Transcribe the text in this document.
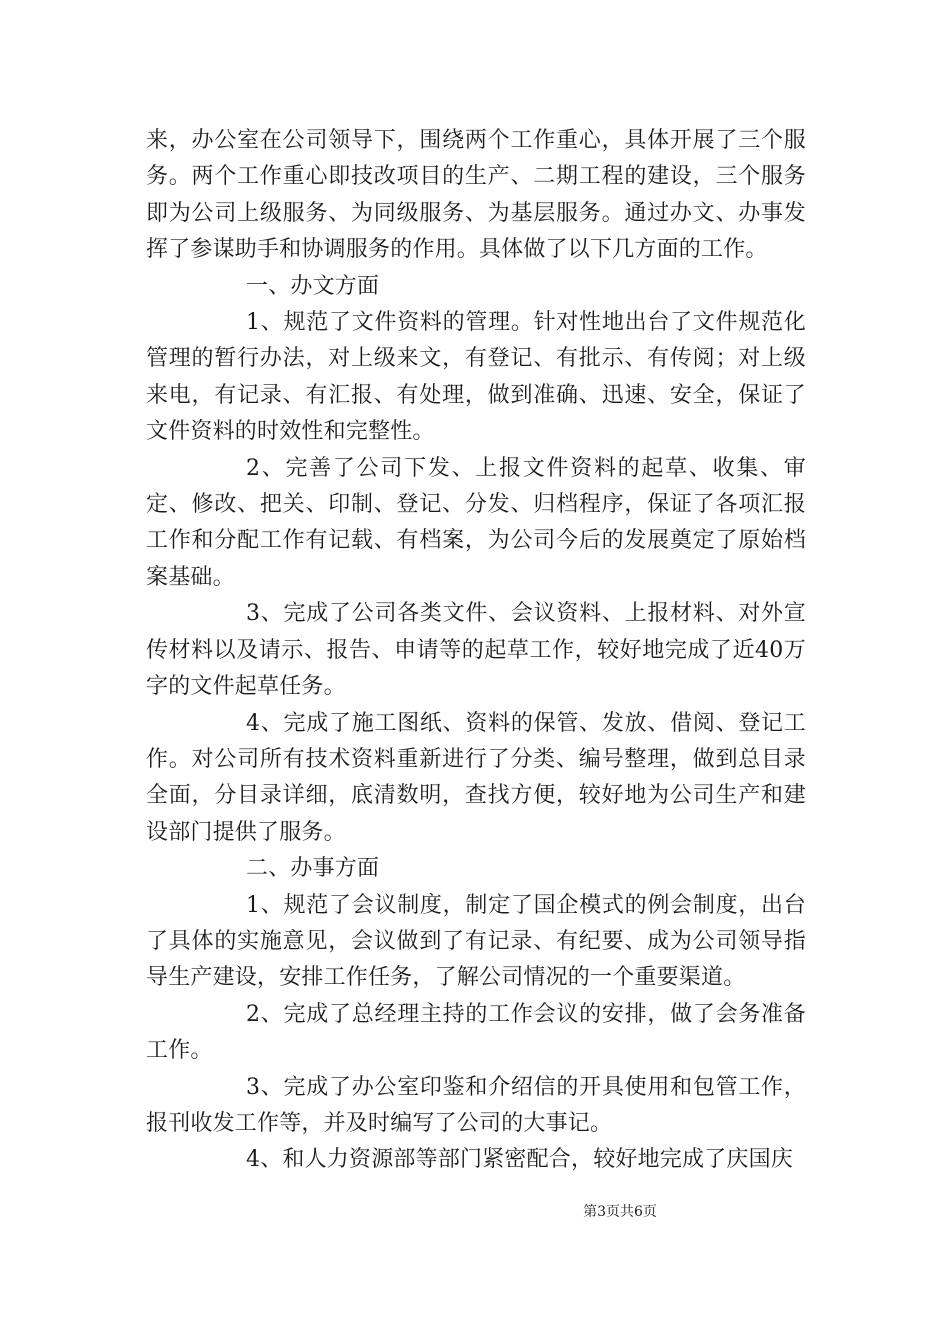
来，办公室在公司领导下，围绕两个工作重心，具体开展了三个服务。两个工作重心即技改项目的生产、二期工程的建设，三个服务即为公司上级服务、为同级服务、为基层服务。通过办文、办事发挥了参谋助手和协调服务的作用。具体做了以下几方面的工作。

一、办文方面

1、规范了文件资料的管理。针对性地出台了文件规范化管理的暂行办法，对上级来文，有登记、有批示、有传阅；对上级来电，有记录、有汇报、有处理，做到准确、迅速、安全，保证了文件资料的时效性和完整性。

2、完善了公司下发、上报文件资料的起草、收集、审定、修改、把关、印制、登记、分发、归档程序，保证了各项汇报工作和分配工作有记载、有档案，为公司今后的发展奠定了原始档案基础。

3、完成了公司各类文件、会议资料、上报材料、对外宣传材料以及请示、报告、申请等的起草工作，较好地完成了近40万字的文件起草任务。

4、完成了施工图纸、资料的保管、发放、借阅、登记工作。对公司所有技术资料重新进行了分类、编号整理，做到总目录全面，分目录详细，底清数明，查找方便，较好地为公司生产和建设部门提供了服务。

二、办事方面

1、规范了会议制度，制定了国企模式的例会制度，出台了具体的实施意见，会议做到了有记录、有纪要、成为公司领导指导生产建设，安排工作任务，了解公司情况的一个重要渠道。

2、完成了总经理主持的工作会议的安排，做了会务准备工作。

3、完成了办公室印鉴和介绍信的开具使用和包管工作，报刊收发工作等，并及时编写了公司的大事记。

4、和人力资源部等部门紧密配合，较好地完成了庆国庆

第3页共6页
